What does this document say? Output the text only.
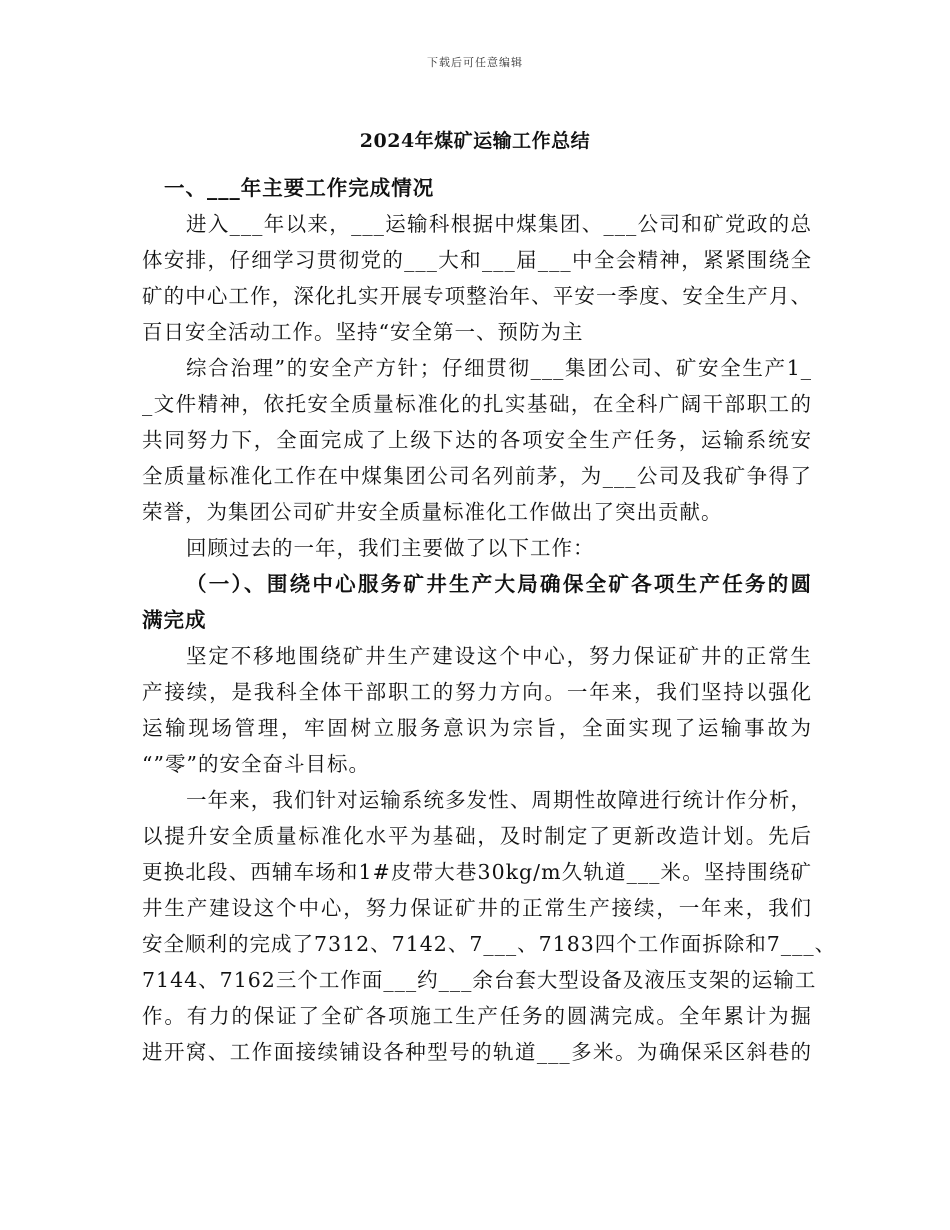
下载后可任意编辑
2024年煤矿运输工作总结
一、___年主要工作完成情况
进入___年以来，___运输科根据中煤集团、___公司和矿党政的总
体安排，仔细学习贯彻党的___大和___届___中全会精神，紧紧围绕全
矿的中心工作，深化扎实开展专项整治年、平安一季度、安全生产月、
百日安全活动工作。坚持“安全第一、预防为主
综合治理”的安全产方针；仔细贯彻___集团公司、矿安全生产1_
_文件精神，依托安全质量标准化的扎实基础，在全科广阔干部职工的
共同努力下，全面完成了上级下达的各项安全生产任务，运输系统安
全质量标准化工作在中煤集团公司名列前茅，为___公司及我矿争得了
荣誉，为集团公司矿井安全质量标准化工作做出了突出贡献。
回顾过去的一年，我们主要做了以下工作：
（一）、围绕中心服务矿井生产大局确保全矿各项生产任务的圆
满完成
坚定不移地围绕矿井生产建设这个中心，努力保证矿井的正常生
产接续，是我科全体干部职工的努力方向。一年来，我们坚持以强化
运输现场管理，牢固树立服务意识为宗旨，全面实现了运输事故为
“”零”的安全奋斗目标。
一年来，我们针对运输系统多发性、周期性故障进行统计作分析，
以提升安全质量标准化水平为基础，及时制定了更新改造计划。先后
更换北段、西辅车场和1#皮带大巷30kg/m久轨道___米。坚持围绕矿
井生产建设这个中心，努力保证矿井的正常生产接续，一年来，我们
安全顺利的完成了7312、7142、7___、7183四个工作面拆除和7___、
7144、7162三个工作面___约___余台套大型设备及液压支架的运输工
作。有力的保证了全矿各项施工生产任务的圆满完成。全年累计为掘
进开窝、工作面接续铺设各种型号的轨道___多米。为确保采区斜巷的
